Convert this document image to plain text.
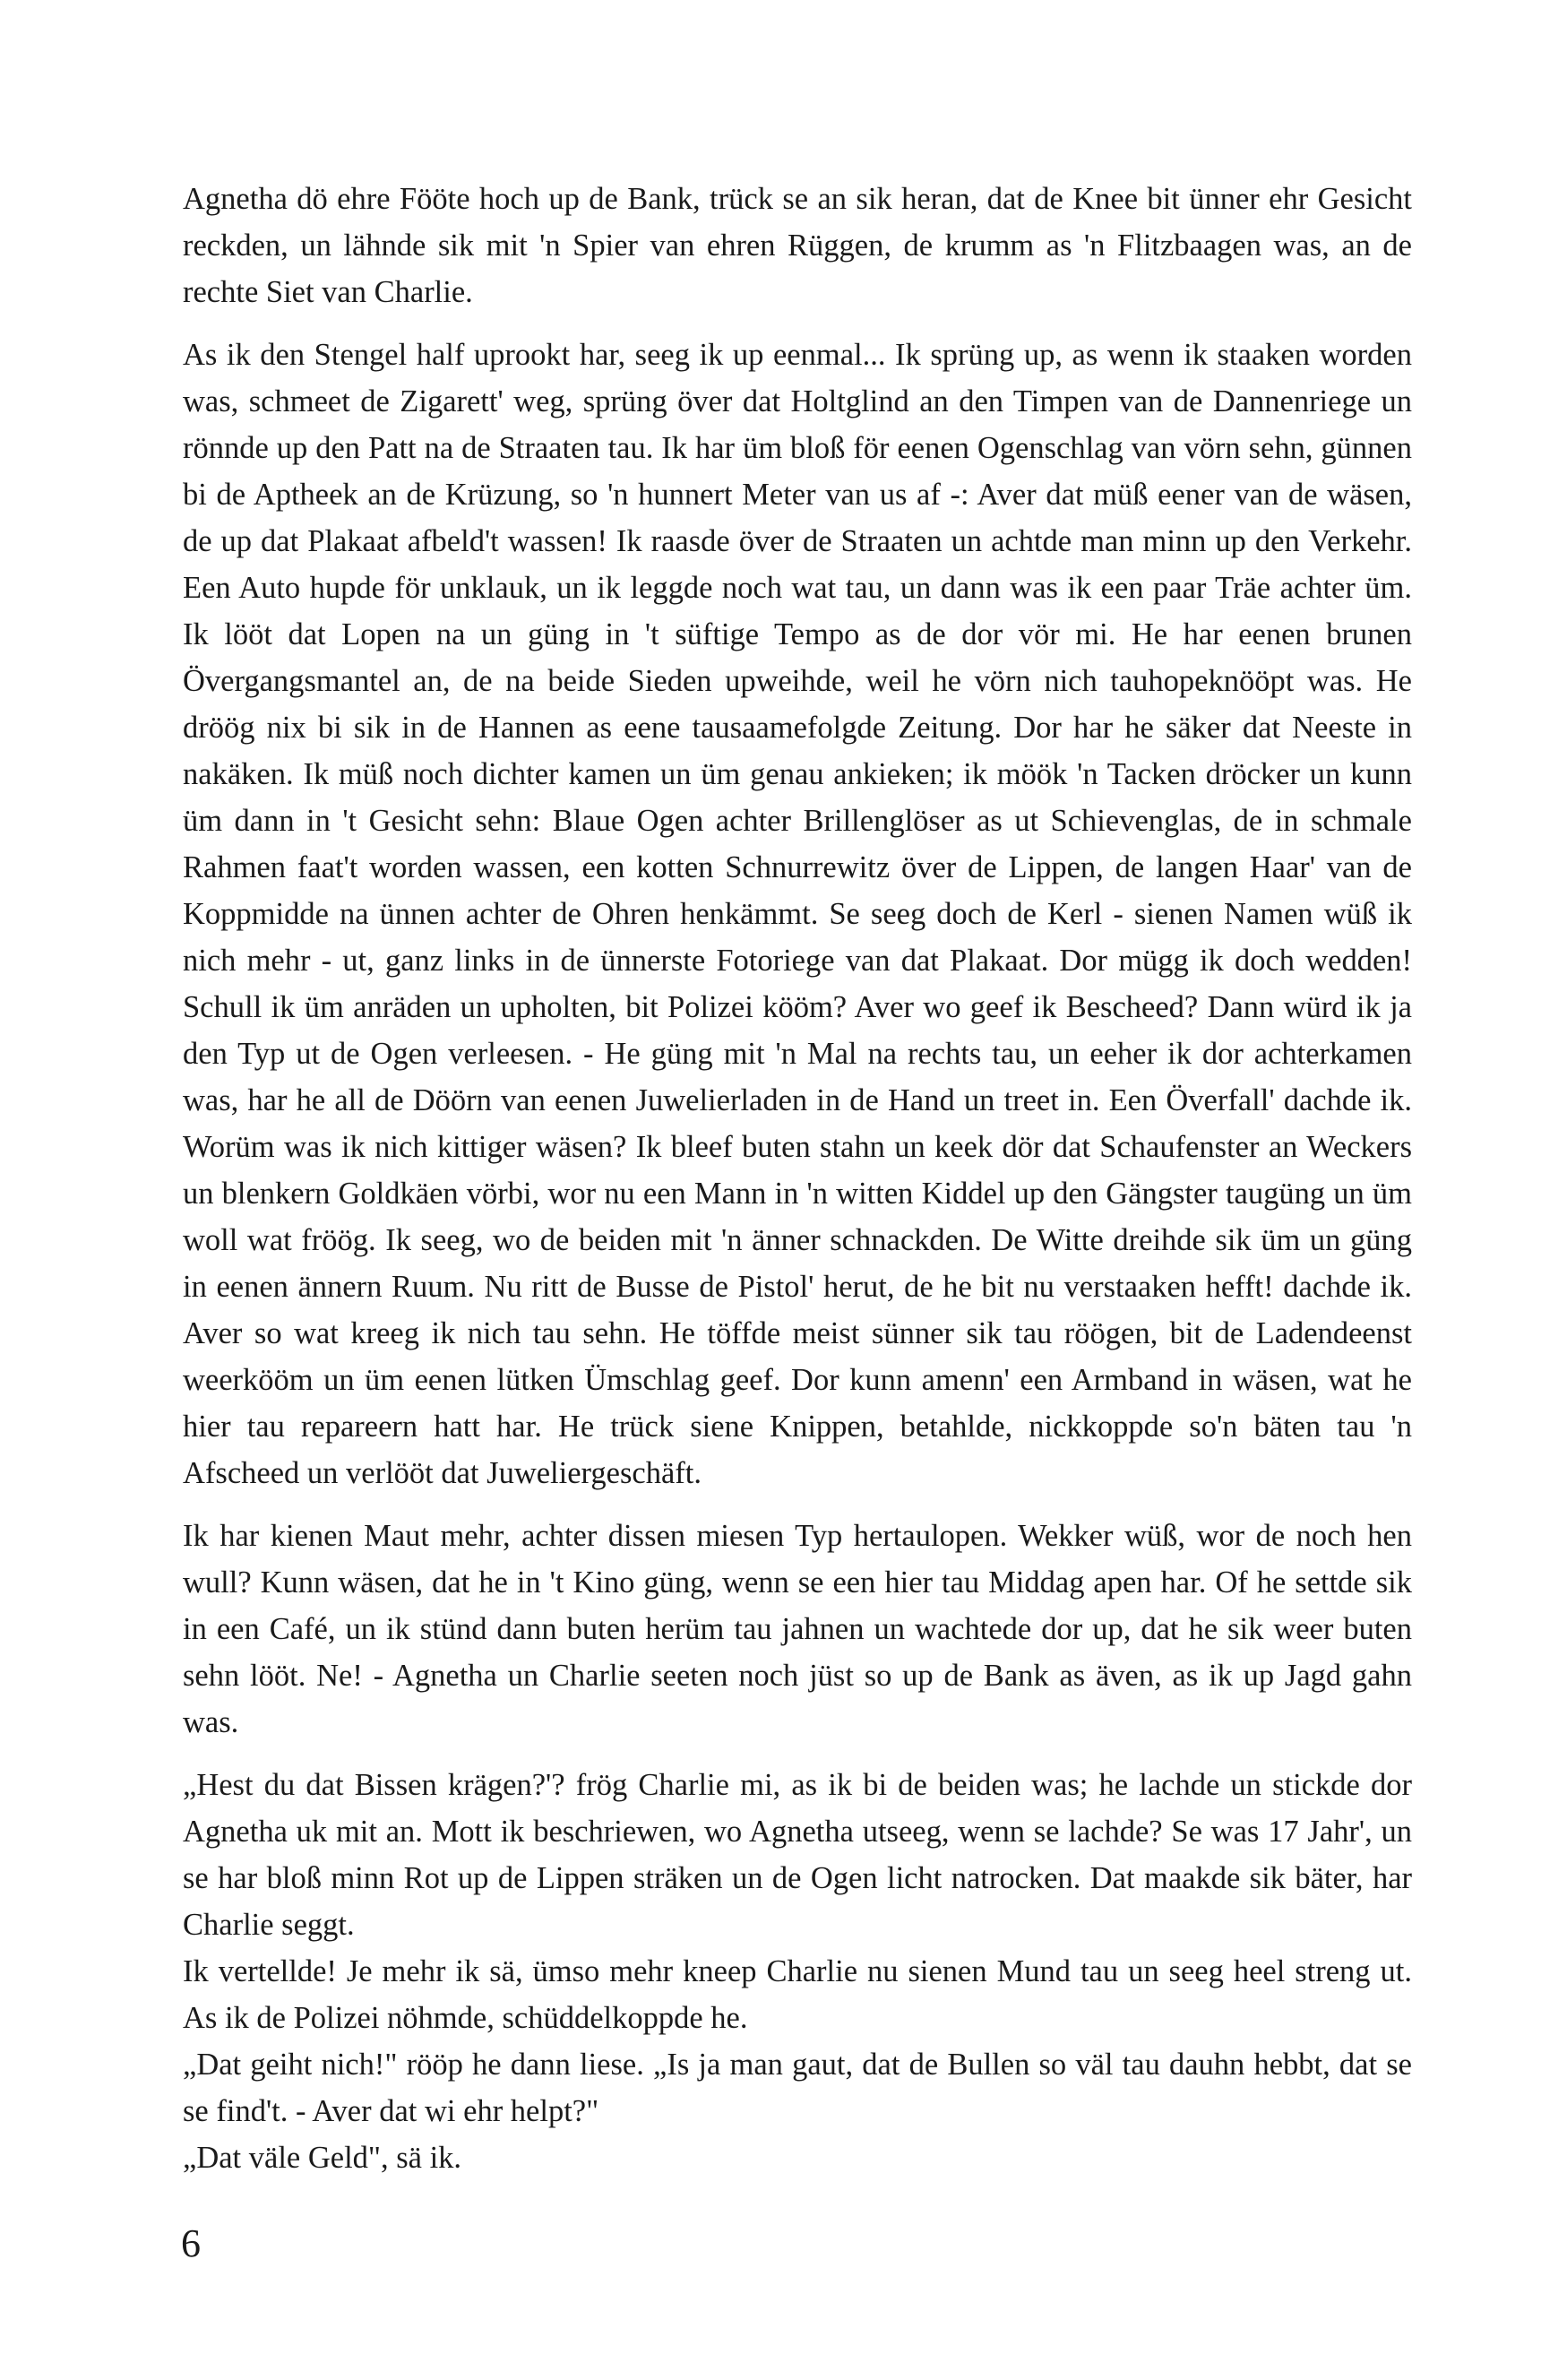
Agnetha dö ehre Fööte hoch up de Bank, trück se an sik heran, dat de Knee bit ünner ehr Gesicht reckden, un lähnde sik mit 'n Spier van ehren Rüggen, de krumm as 'n Flitzbaagen was, an de rechte Siet van Charlie.

As ik den Stengel half uprookt har, seeg ik up eenmal... Ik sprüng up, as wenn ik staaken worden was, schmeet de Zigarett' weg, sprüng över dat Holtglind an den Timpen van de Dannenriege un rönnde up den Patt na de Straaten tau. Ik har üm bloß för eenen Ogenschlag van vörn sehn, günnen bi de Aptheek an de Krüzung, so 'n hunnert Meter van us af -: Aver dat müß eener van de wäsen, de up dat Plakaat afbeld't wassen! Ik raasde över de Straaten un achtde man minn up den Verkehr. Een Auto hupde för unklauk, un ik leggde noch wat tau, un dann was ik een paar Träe achter üm. Ik lööt dat Lopen na un güng in 't süftige Tempo as de dor vör mi. He har eenen brunen Övergangsmantel an, de na beide Sieden upweihde, weil he vörn nich tauhopeknööpt was. He dröög nix bi sik in de Hannen as eene tausaamefolgde Zeitung. Dor har he säker dat Neeste in nakäken. Ik müß noch dichter kamen un üm genau ankieken; ik möök 'n Tacken dröcker un kunn üm dann in 't Gesicht sehn: Blaue Ogen achter Brillenglöser as ut Schievenglas, de in schmale Rahmen faat't worden wassen, een kotten Schnurrewitz över de Lippen, de langen Haar' van de Koppmidde na ünnen achter de Ohren henkämmt. Se seeg doch de Kerl - sienen Namen wüß ik nich mehr - ut, ganz links in de ünnerste Fotoriege van dat Plakaat. Dor mügg ik doch wedden! Schull ik üm anräden un upholten, bit Polizei kööm? Aver wo geef ik Bescheed? Dann würd ik ja den Typ ut de Ogen verleesen. - He güng mit 'n Mal na rechts tau, un eeher ik dor achterkamen was, har he all de Döörn van eenen Juwelierladen in de Hand un treet in. Een Överfall' dachde ik. Worüm was ik nich kittiger wäsen? Ik bleef buten stahn un keek dör dat Schaufenster an Weckers un blenkern Goldkäen vörbi, wor nu een Mann in 'n witten Kiddel up den Gängster taugüng un üm woll wat fröög. Ik seeg, wo de beiden mit 'n änner schnackden. De Witte dreihde sik üm un güng in eenen ännern Ruum. Nu ritt de Busse de Pistol' herut, de he bit nu verstaaken hefft! dachde ik. Aver so wat kreeg ik nich tau sehn. He töffde meist sünner sik tau röögen, bit de Ladendeenst weerkööm un üm eenen lütken Ümschlag geef. Dor kunn amenn' een Armband in wäsen, wat he hier tau repareern hatt har. He trück siene Knippen, betahlde, nickkoppde so'n bäten tau 'n Afscheed un verlööt dat Juweliergeschäft.

Ik har kienen Maut mehr, achter dissen miesen Typ hertaulopen. Wekker wüß, wor de noch hen wull? Kunn wäsen, dat he in 't Kino güng, wenn se een hier tau Middag apen har. Of he settde sik in een Café, un ik stünd dann buten herüm tau jahnen un wachtede dor up, dat he sik weer buten sehn lööt. Ne! - Agnetha un Charlie seeten noch jüst so up de Bank as även, as ik up Jagd gahn was.

„Hest du dat Bissen krägen?'? frög Charlie mi, as ik bi de beiden was; he lachde un stickde dor Agnetha uk mit an. Mott ik beschriewen, wo Agnetha utseeg, wenn se lachde? Se was 17 Jahr', un se har bloß minn Rot up de Lippen sträken un de Ogen licht natrocken. Dat maakde sik bäter, har Charlie seggt.

Ik vertellde! Je mehr ik sä, ümso mehr kneep Charlie nu sienen Mund tau un seeg heel streng ut. As ik de Polizei nöhmde, schüddelkoppde he.

„Dat geiht nich!" rööp he dann liese. „Is ja man gaut, dat de Bullen so väl tau dauhn hebbt, dat se se find't. - Aver dat wi ehr helpt?"

„Dat väle Geld", sä ik.

6
